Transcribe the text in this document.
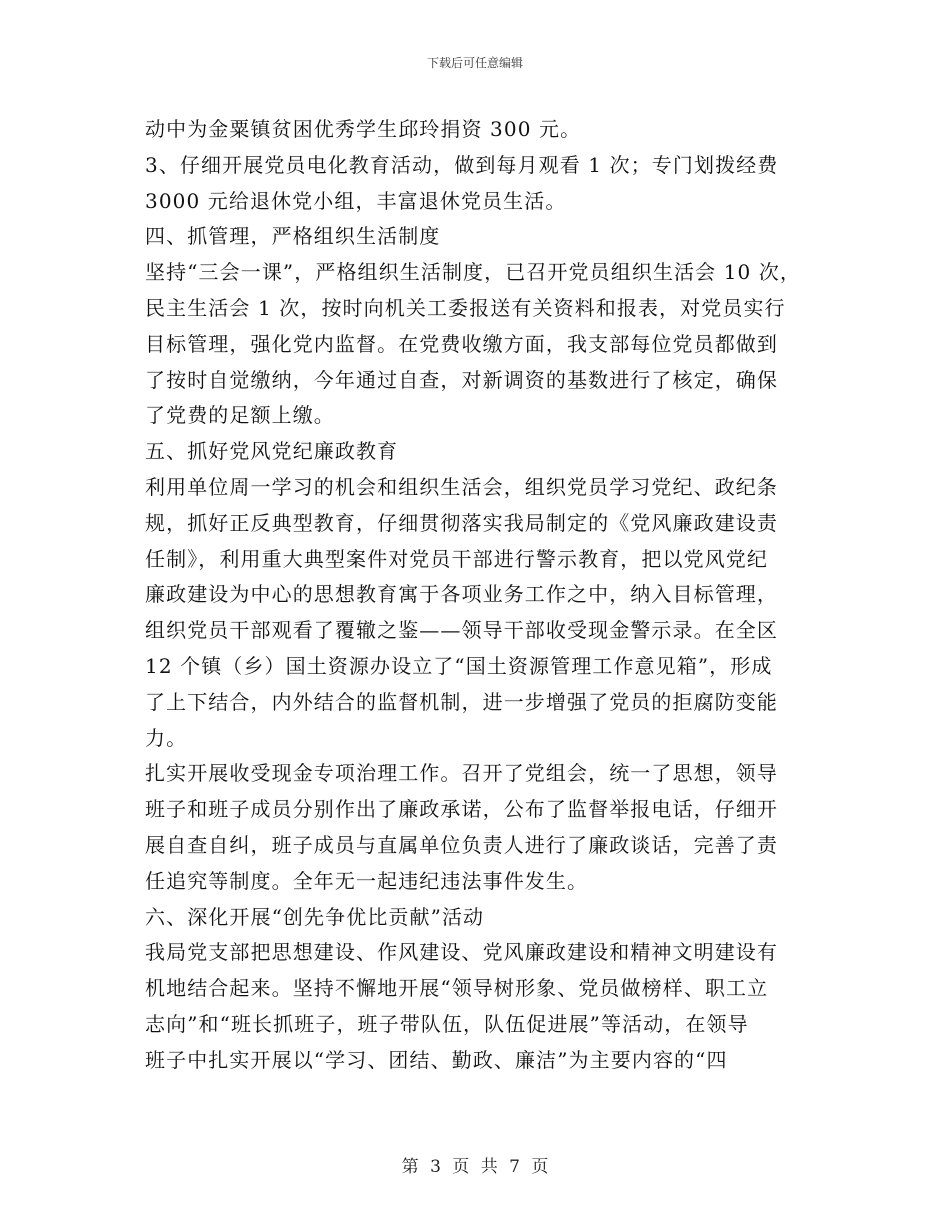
下载后可任意编辑
动中为金粟镇贫困优秀学生邱玲捐资 300 元。
3、仔细开展党员电化教育活动，做到每月观看 1 次；专门划拨经费
3000 元给退休党小组，丰富退休党员生活。
四、抓管理，严格组织生活制度
坚持“三会一课”，严格组织生活制度，已召开党员组织生活会 10 次，
民主生活会 1 次，按时向机关工委报送有关资料和报表，对党员实行
目标管理，强化党内监督。在党费收缴方面，我支部每位党员都做到
了按时自觉缴纳，今年通过自查，对新调资的基数进行了核定，确保
了党费的足额上缴。
五、抓好党风党纪廉政教育
利用单位周一学习的机会和组织生活会，组织党员学习党纪、政纪条
规，抓好正反典型教育，仔细贯彻落实我局制定的《党风廉政建设责
任制》，利用重大典型案件对党员干部进行警示教育，把以党风党纪
廉政建设为中心的思想教育寓于各项业务工作之中，纳入目标管理，
组织党员干部观看了覆辙之鉴——领导干部收受现金警示录。在全区
12 个镇（乡）国土资源办设立了“国土资源管理工作意见箱”，形成
了上下结合，内外结合的监督机制，进一步增强了党员的拒腐防变能
力。
扎实开展收受现金专项治理工作。召开了党组会，统一了思想，领导
班子和班子成员分别作出了廉政承诺，公布了监督举报电话，仔细开
展自查自纠，班子成员与直属单位负责人进行了廉政谈话，完善了责
任追究等制度。全年无一起违纪违法事件发生。
六、深化开展“创先争优比贡献”活动
我局党支部把思想建设、作风建设、党风廉政建设和精神文明建设有
机地结合起来。坚持不懈地开展“领导树形象、党员做榜样、职工立
志向”和“班长抓班子，班子带队伍，队伍促进展”等活动，在领导
班子中扎实开展以“学习、团结、勤政、廉洁”为主要内容的“四
第 3 页 共 7 页
